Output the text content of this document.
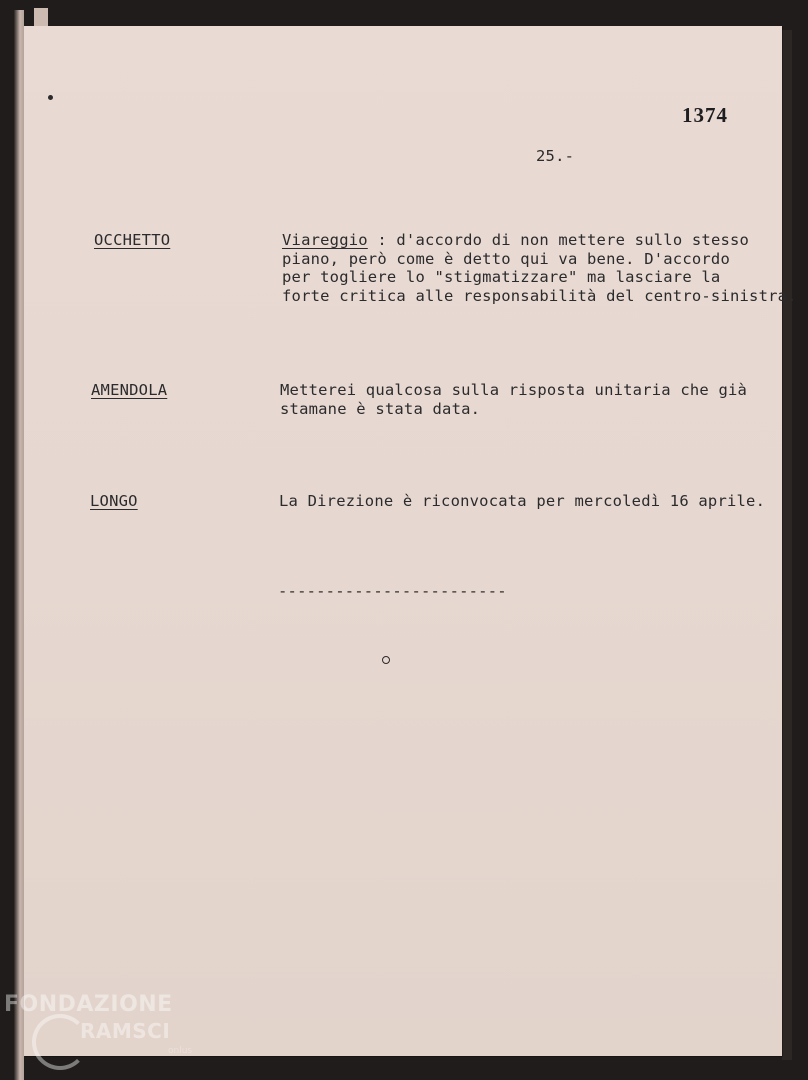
1374
25.-
OCCHETTO	Viareggio : d'accordo di non mettere sullo stesso
piano, però come è detto qui va bene. D'accordo
per togliere lo "stigmatizzare" ma lasciare la
forte critica alle responsabilità del centro-sinistra.
AMENDOLA	Metterei qualcosa sulla risposta unitaria che già
stamane è stata data.
LONGO	La Direzione è riconvocata per mercoledì 16 aprile.
------------------------
FONDAZIONE
RAMSCI
onlus
